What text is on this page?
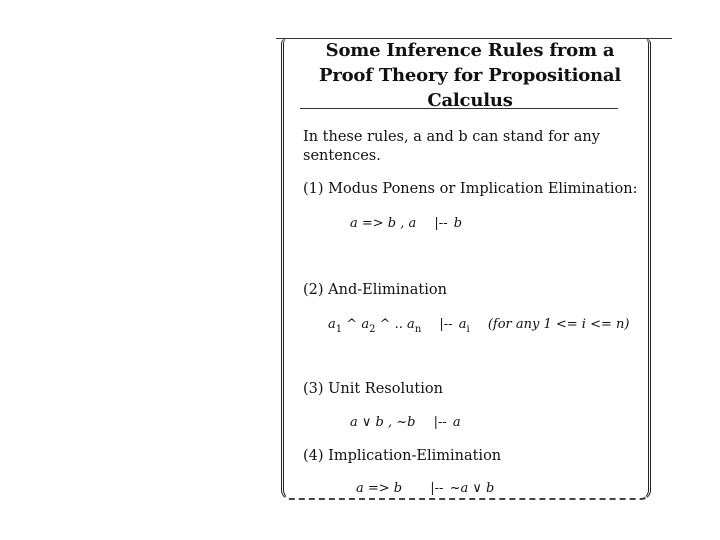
Some Inference Rules from a
Proof Theory for Propositional
Calculus
In these rules, a and b can stand for any sentences.
(1) Modus Ponens or Implication Elimination:
a => b , a |-- b
(2) And-Elimination
$a_1$ ^ $a_2$ ^ .. $a_n$ |-- $a_i$ (for any 1 <= i <= n)
(3) Unit Resolution
a ∨ b , ~b |-- a
(4) Implication-Elimination
a => b |-- ~a ∨ b
